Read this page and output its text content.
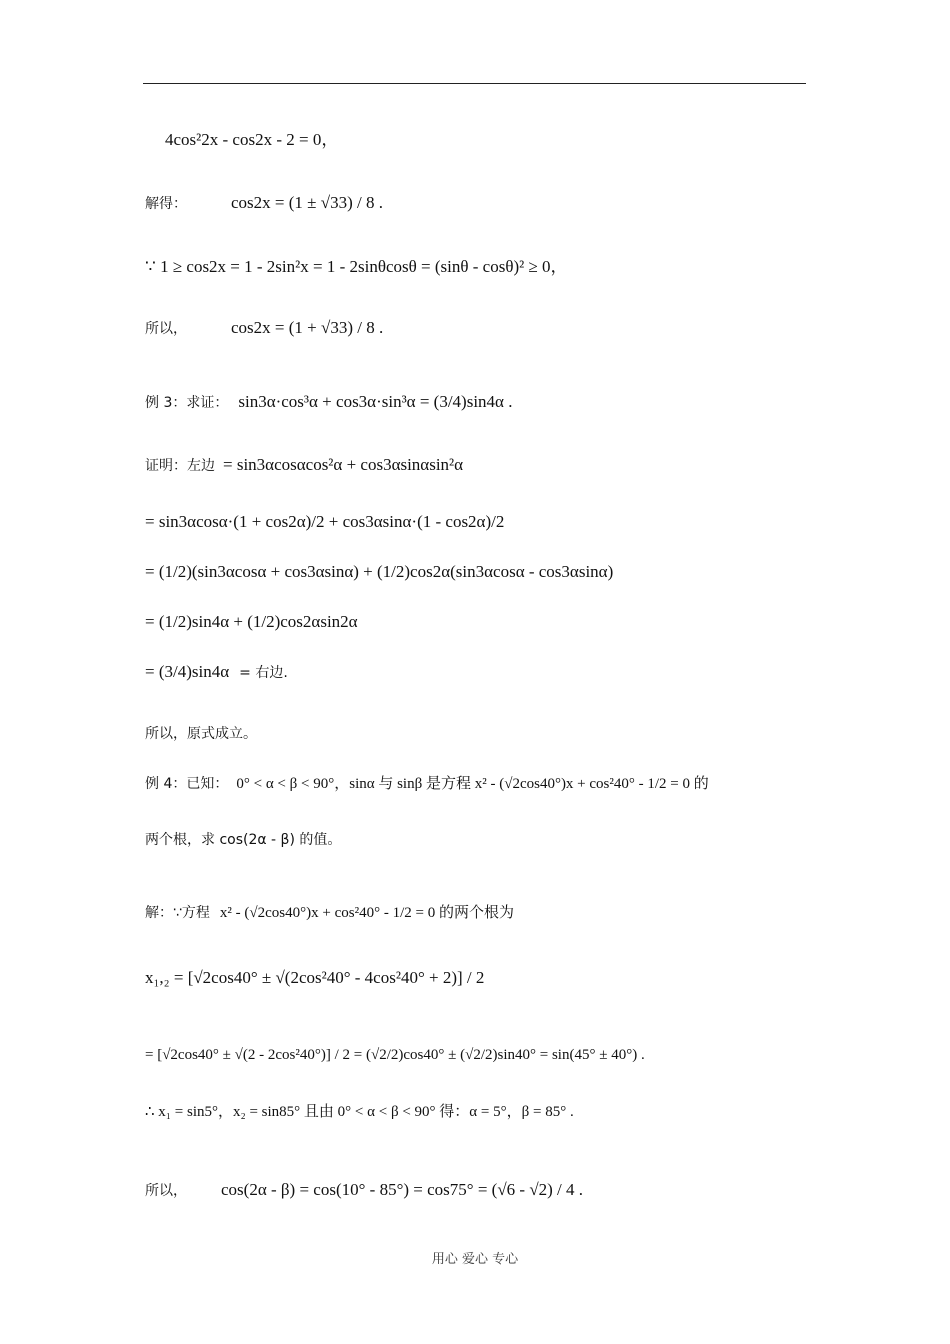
4cos²2x - cos2x - 2 = 0，
解得：	cos2x = (1 ± √33) / 8 .
∵ 1 ≥ cos2x = 1 - 2sin²x = 1 - 2sinθcosθ = (sinθ - cosθ)² ≥ 0，
所以，	cos2x = (1 + √33) / 8 .
例 3：求证： sin3α·cos³α + cos3α·sin³α = (3/4)sin4α .
证明：左边 = sin3αcosαcos²α + cos3αsinαsin²α
= sin3αcosα·(1 + cos2α)/2 + cos3αsinα·(1 - cos2α)/2
= (1/2)(sin3αcosα + cos3αsinα) + (1/2)cos2α(sin3αcosα - cos3αsinα)
= (1/2)sin4α + (1/2)cos2αsin2α
= (3/4)sin4α = 右边.
所以，原式成立。
例 4：已知： 0° < α < β < 90°，sinα 与 sinβ 是方程 x² - (√2cos40°)x + cos²40° - 1/2 = 0 的
两个根，求 cos(2α - β) 的值。
解：∵方程 x² - (√2cos40°)x + cos²40° - 1/2 = 0 的两个根为
x₁,₂ = [√2cos40° ± √(2cos²40° - 4cos²40° + 2)] / 2
= [√2cos40° ± √(2 - 2cos²40°)] / 2 = (√2/2)cos40° ± (√2/2)sin40° = sin(45° ± 40°) .
∴ x₁ = sin5°，x₂ = sin85° 且由 0° < α < β < 90° 得：α = 5°，β = 85° .
所以， cos(2α - β) = cos(10° - 85°) = cos75° = (√6 - √2) / 4 .
用心 爱心 专心
